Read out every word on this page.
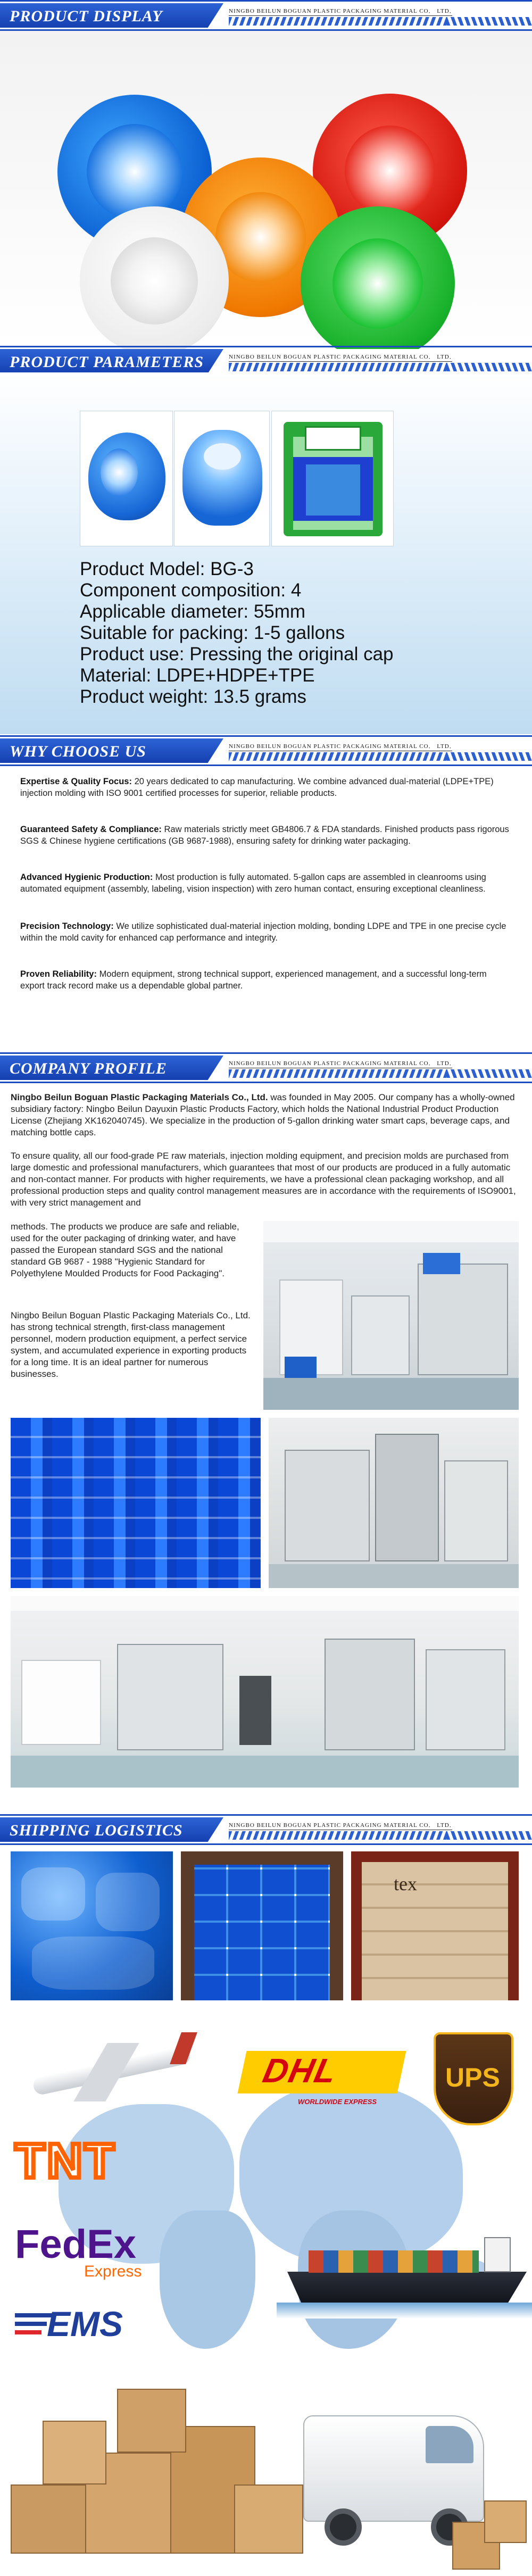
PRODUCT DISPLAY	NINGBO BEILUN BOGUAN PLASTIC PACKAGING MATERIAL CO． LTD．
PRODUCT PARAMETERS	NINGBO BEILUN BOGUAN PLASTIC PACKAGING MATERIAL CO． LTD．
Product Model: BG-3
Component composition: 4
Applicable diameter: 55mm
Suitable for packing: 1-5 gallons
Product use: Pressing the original cap
Material: LDPE+HDPE+TPE
Product weight: 13.5 grams
WHY CHOOSE US	NINGBO BEILUN BOGUAN PLASTIC PACKAGING MATERIAL CO． LTD．
Expertise & Quality Focus: 20 years dedicated to cap manufacturing. We combine advanced dual-material (LDPE+TPE) injection molding with ISO 9001 certified processes for superior, reliable products.
Guaranteed Safety & Compliance: Raw materials strictly meet GB4806.7 & FDA standards. Finished products pass rigorous SGS & Chinese hygiene certifications (GB 9687-1988), ensuring safety for drinking water packaging.
Advanced Hygienic Production: Most production is fully automated. 5-gallon caps are assembled in cleanrooms using automated equipment (assembly, labeling, vision inspection) with zero human contact, ensuring exceptional cleanliness.
Precision Technology: We utilize sophisticated dual-material injection molding, bonding LDPE and TPE in one precise cycle within the mold cavity for enhanced cap performance and integrity.
Proven Reliability: Modern equipment, strong technical support, experienced management, and a successful long-term export track record make us a dependable global partner.
COMPANY PROFILE	NINGBO BEILUN BOGUAN PLASTIC PACKAGING MATERIAL CO． LTD．
Ningbo Beilun Boguan Plastic Packaging Materials Co., Ltd. was founded in May 2005. Our company has a wholly-owned subsidiary factory: Ningbo Beilun Dayuxin Plastic Products Factory, which holds the National Industrial Product Production License (Zhejiang XK162040745). We specialize in the production of 5-gallon drinking water smart caps, beverage caps, and matching bottle caps.
To ensure quality, all our food-grade PE raw materials, injection molding equipment, and precision molds are purchased from large domestic and professional manufacturers, which guarantees that most of our products are produced in a fully automatic and non-contact manner. For products with higher requirements, we have a professional clean packaging workshop, and all professional production steps and quality control management measures are in accordance with the requirements of ISO9001, with very strict management and
methods. The products we produce are safe and reliable, used for the outer packaging of drinking water, and have passed the European standard SGS and the national standard GB 9687 - 1988 "Hygienic Standard for Polyethylene Moulded Products for Food Packaging".
Ningbo Beilun Boguan Plastic Packaging Materials Co., Ltd. has strong technical strength, first-class management personnel, modern production equipment, a perfect service system, and accumulated experience in exporting products for a long time. It is an ideal partner for numerous businesses.
SHIPPING LOGISTICS	NINGBO BEILUN BOGUAN PLASTIC PACKAGING MATERIAL CO． LTD．
tex
DHL
WORLDWIDE EXPRESS
UPS
TNT
FedEx
Express
EMS
